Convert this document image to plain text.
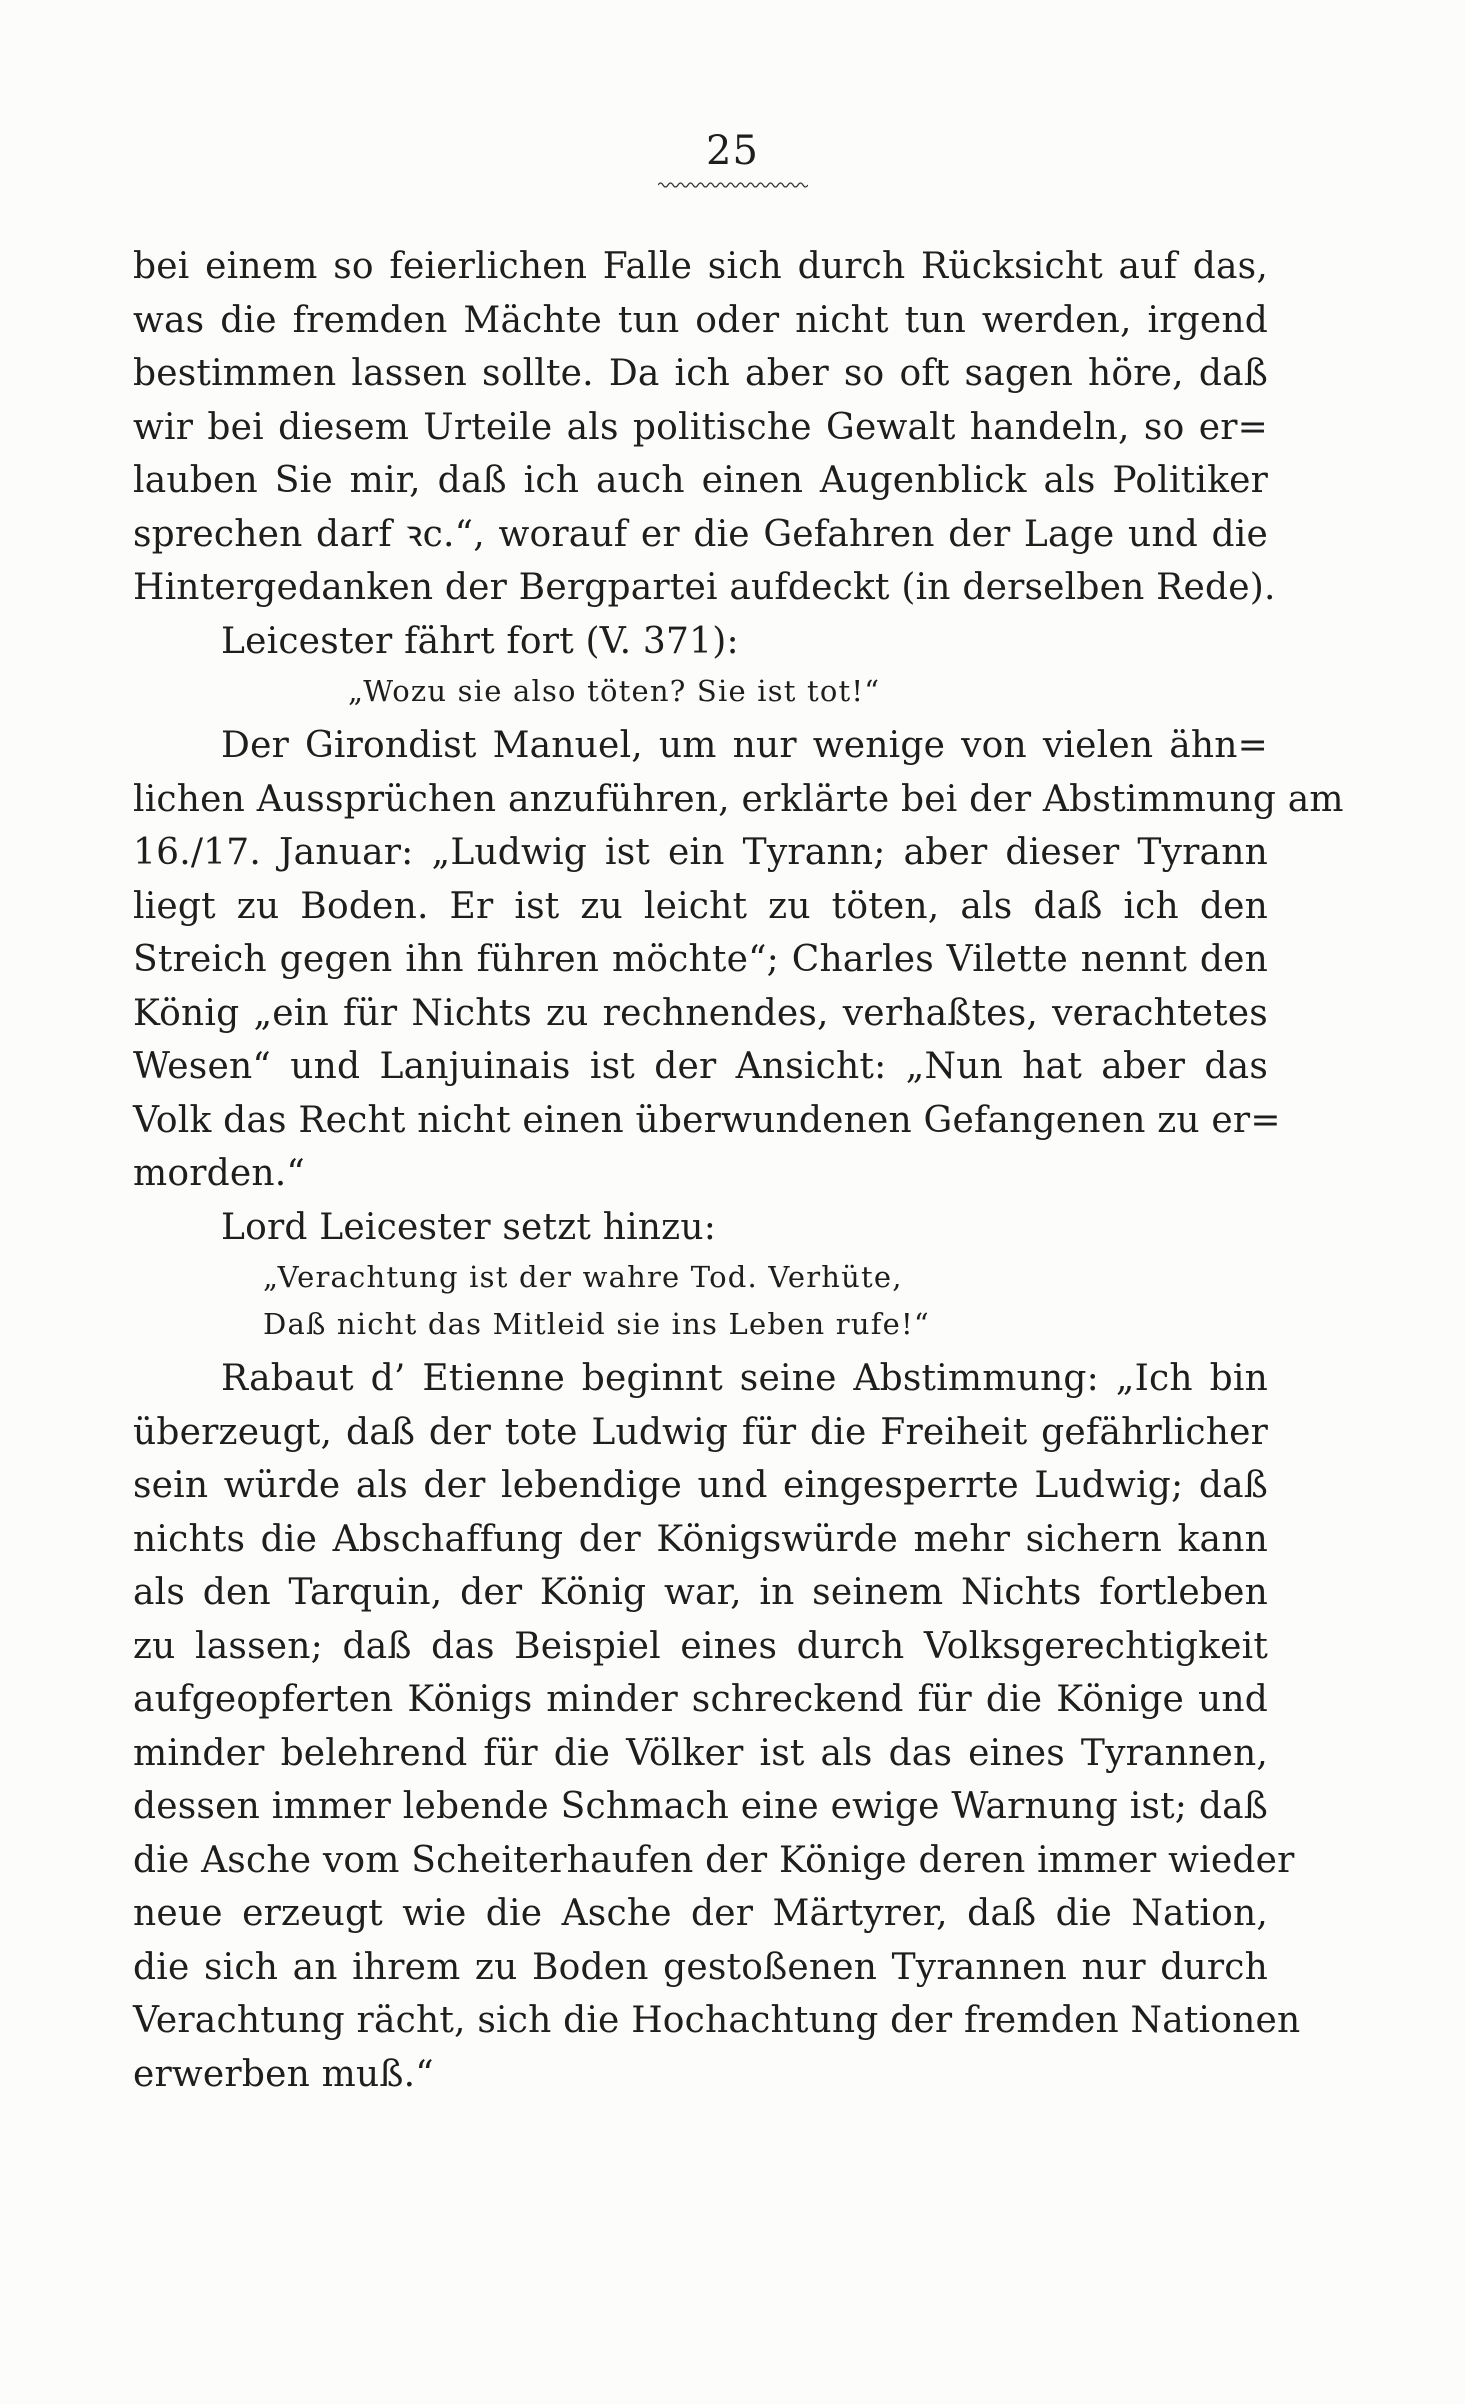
25
bei einem so feierlichen Falle sich durch Rücksicht auf das,
was die fremden Mächte tun oder nicht tun werden, irgend
bestimmen lassen sollte. Da ich aber so oft sagen höre, daß
wir bei diesem Urteile als politische Gewalt handeln, so er=
lauben Sie mir, daß ich auch einen Augenblick als Politiker
sprechen darf ꝛc.“, worauf er die Gefahren der Lage und die
Hintergedanken der Bergpartei aufdeckt (in derselben Rede).
Leicester fährt fort (V. 371):
„Wozu sie also töten? Sie ist tot!“
Der Girondist Manuel, um nur wenige von vielen ähn=
lichen Aussprüchen anzuführen, erklärte bei der Abstimmung am
16./17. Januar: „Ludwig ist ein Tyrann; aber dieser Tyrann
liegt zu Boden. Er ist zu leicht zu töten, als daß ich den
Streich gegen ihn führen möchte“; Charles Vilette nennt den
König „ein für Nichts zu rechnendes, verhaßtes, verachtetes
Wesen“ und Lanjuinais ist der Ansicht: „Nun hat aber das
Volk das Recht nicht einen überwundenen Gefangenen zu er=
morden.“
Lord Leicester setzt hinzu:
„Verachtung ist der wahre Tod. Verhüte,
Daß nicht das Mitleid sie ins Leben rufe!“
Rabaut d’ Etienne beginnt seine Abstimmung: „Ich bin
überzeugt, daß der tote Ludwig für die Freiheit gefährlicher
sein würde als der lebendige und eingesperrte Ludwig; daß
nichts die Abschaffung der Königswürde mehr sichern kann
als den Tarquin, der König war, in seinem Nichts fortleben
zu lassen; daß das Beispiel eines durch Volksgerechtigkeit
aufgeopferten Königs minder schreckend für die Könige und
minder belehrend für die Völker ist als das eines Tyrannen,
dessen immer lebende Schmach eine ewige Warnung ist; daß
die Asche vom Scheiterhaufen der Könige deren immer wieder
neue erzeugt wie die Asche der Märtyrer, daß die Nation,
die sich an ihrem zu Boden gestoßenen Tyrannen nur durch
Verachtung rächt, sich die Hochachtung der fremden Nationen
erwerben muß.“
